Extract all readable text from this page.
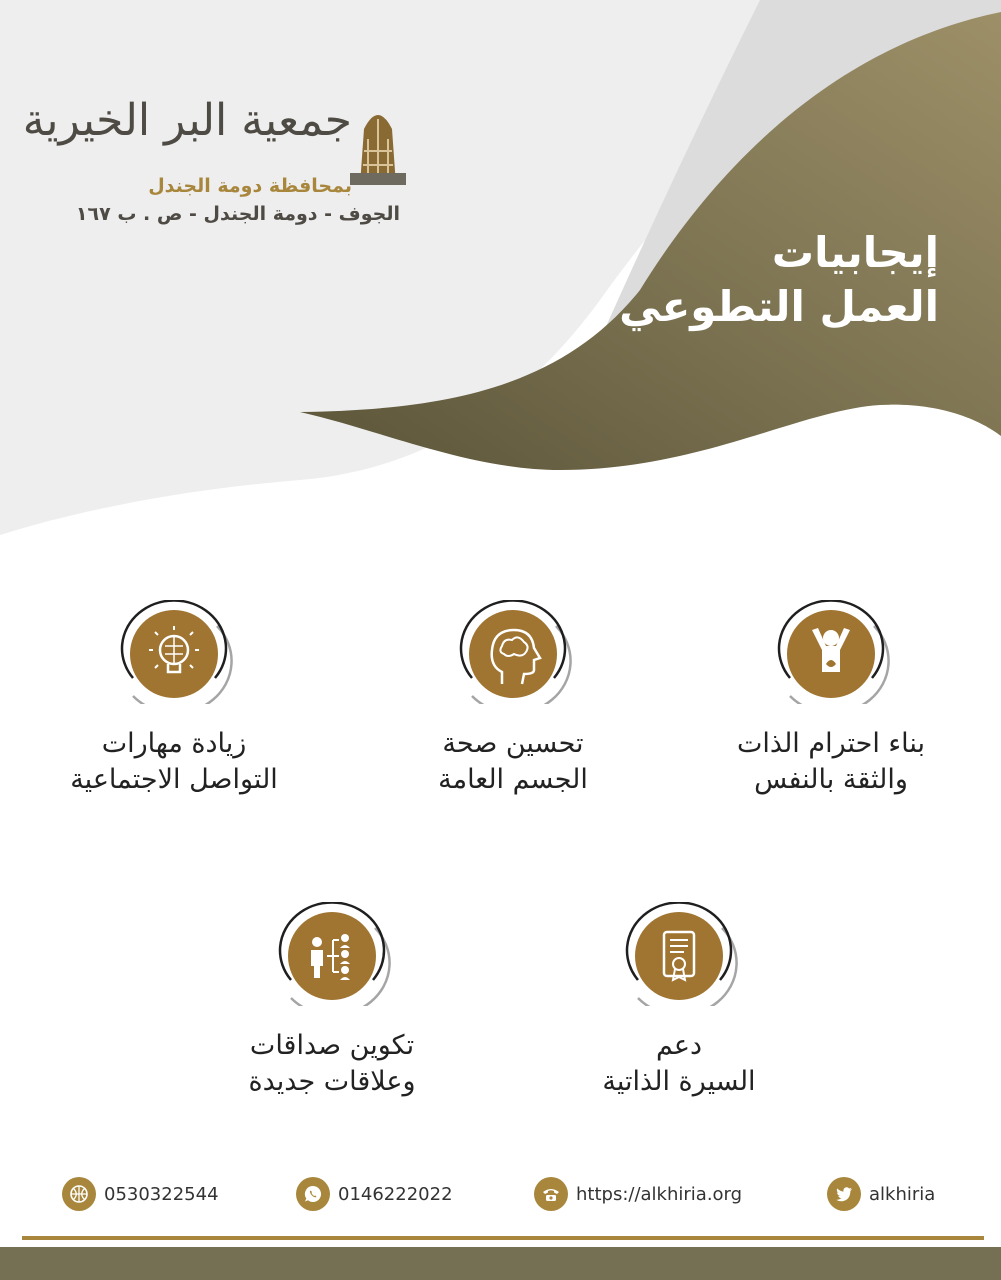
جمعية البر الخيرية
بمحافظة دومة الجندل
الجوف - دومة الجندل - ص . ب ١٦٧
إيجابيات
العمل التطوعي
بناء احترام الذات
والثقة بالنفس
تحسين صحة
الجسم العامة
زيادة مهارات
التواصل الاجتماعية
دعم
السيرة الذاتية
تكوين صداقات
وعلاقات جديدة
0530322544	0146222022	https://alkhiria.org	alkhiria
